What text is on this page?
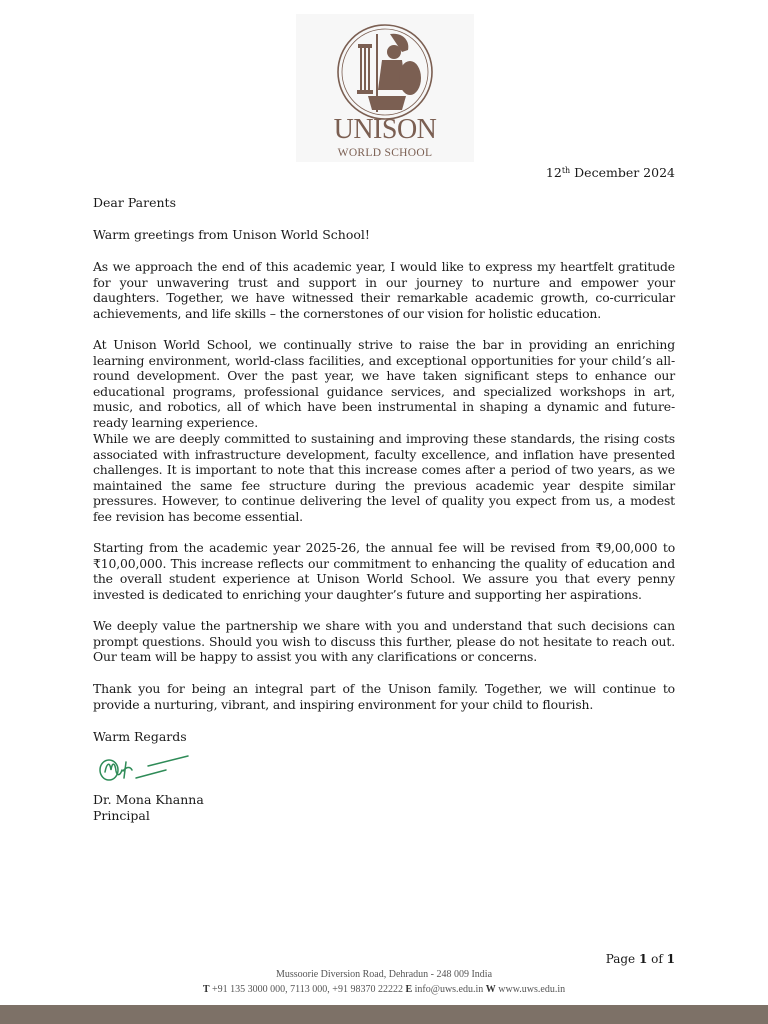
UNISON
WORLD SCHOOL
12th December 2024
Dear Parents
Warm greetings from Unison World School!
As we approach the end of this academic year, I would like to express my heartfelt gratitude for your unwavering trust and support in our journey to nurture and empower your daughters. Together, we have witnessed their remarkable academic growth, co-curricular achievements, and life skills – the cornerstones of our vision for holistic education.
At Unison World School, we continually strive to raise the bar in providing an enriching learning environment, world-class facilities, and exceptional opportunities for your child’s all-round development. Over the past year, we have taken significant steps to enhance our educational programs, professional guidance services, and specialized workshops in art, music, and robotics, all of which have been instrumental in shaping a dynamic and future-ready learning experience.
While we are deeply committed to sustaining and improving these standards, the rising costs associated with infrastructure development, faculty excellence, and inflation have presented challenges. It is important to note that this increase comes after a period of two years, as we maintained the same fee structure during the previous academic year despite similar pressures. However, to continue delivering the level of quality you expect from us, a modest fee revision has become essential.
Starting from the academic year 2025-26, the annual fee will be revised from ₹9,00,000 to ₹10,00,000. This increase reflects our commitment to enhancing the quality of education and the overall student experience at Unison World School. We assure you that every penny invested is dedicated to enriching your daughter’s future and supporting her aspirations.
We deeply value the partnership we share with you and understand that such decisions can prompt questions. Should you wish to discuss this further, please do not hesitate to reach out. Our team will be happy to assist you with any clarifications or concerns.
Thank you for being an integral part of the Unison family. Together, we will continue to provide a nurturing, vibrant, and inspiring environment for your child to flourish.
Warm Regards
Dr. Mona Khanna
Principal
Page 1 of 1
Mussoorie Diversion Road, Dehradun - 248 009 India
T +91 135 3000 000, 7113 000, +91 98370 22222 E info@uws.edu.in W www.uws.edu.in
